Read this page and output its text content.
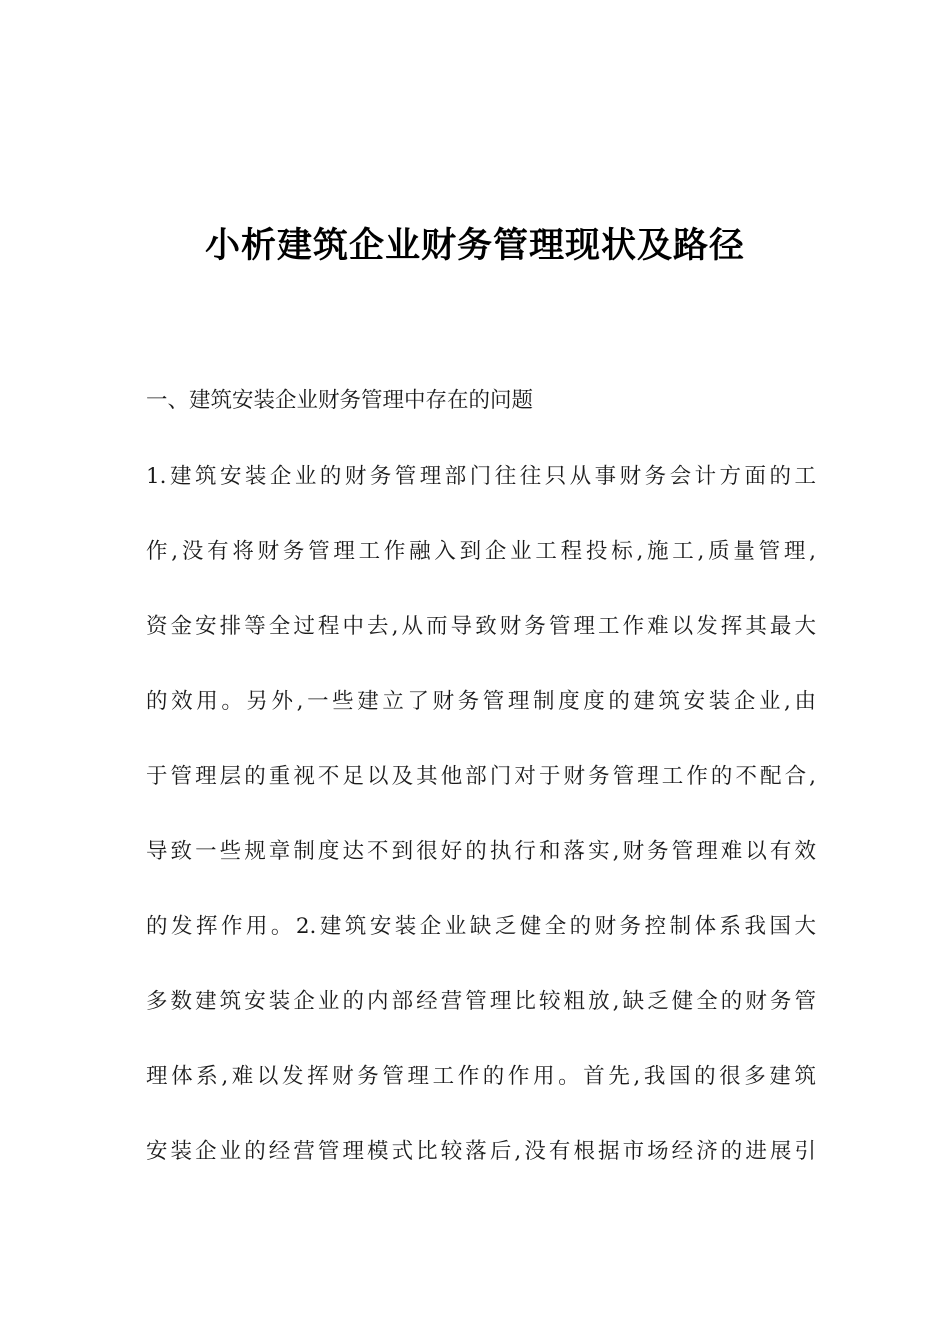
小析建筑企业财务管理现状及路径
一、建筑安装企业财务管理中存在的问题
1.建筑安装企业的财务管理部门往往只从事财务会计方面的工
作,没有将财务管理工作融入到企业工程投标,施工,质量管理,
资金安排等全过程中去,从而导致财务管理工作难以发挥其最大
的效用。另外,一些建立了财务管理制度度的建筑安装企业,由
于管理层的重视不足以及其他部门对于财务管理工作的不配合,
导致一些规章制度达不到很好的执行和落实,财务管理难以有效
的发挥作用。2.建筑安装企业缺乏健全的财务控制体系我国大
多数建筑安装企业的内部经营管理比较粗放,缺乏健全的财务管
理体系,难以发挥财务管理工作的作用。首先,我国的很多建筑
安装企业的经营管理模式比较落后,没有根据市场经济的进展引
